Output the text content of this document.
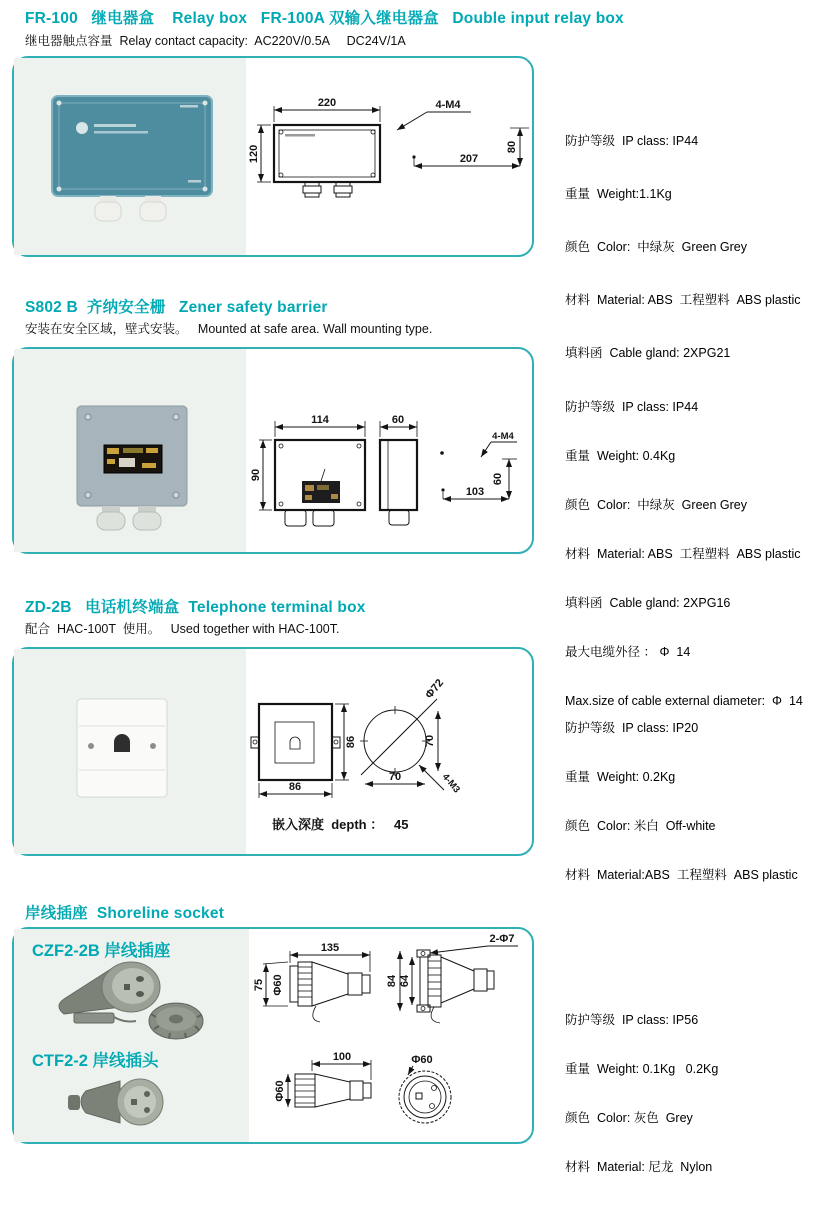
FR-100   继电器盒    Relay box   FR-100A 双输入继电器盒   Double input relay box
继电器触点容量  Relay contact capacity:  AC220V/0.5A     DC24V/1A
220
120
4-M4
80
207

防护等级  IP class: IP44

重量  Weight:1.1Kg

颜色  Color:  中绿灰  Green Grey

材料  Material: ABS  工程塑料  ABS plastic

填料函  Cable gland: 2XPG21

S802 B  齐纳安全栅   Zener safety barrier
安装在安全区域，壁式安装。   Mounted at safe area. Wall mounting type.
114
90
60
4-M4
60
103

防护等级  IP class: IP44

重量  Weight: 0.4Kg

颜色  Color:  中绿灰  Green Grey

材料  Material: ABS  工程塑料  ABS plastic

填料函  Cable gland: 2XPG16

最大电缆外径 ： Φ  14

Max.size of cable external diameter:  Φ  14

ZD-2B   电话机终端盒  Telephone terminal box
配合  HAC-100T  使用。   Used together with HAC-100T.
86
86
Φ72
4-M3
70
70
嵌入深度  depth ：   45

防护等级  IP class: IP20

重量  Weight: 0.2Kg

颜色  Color: 米白  Off-white

材料  Material:ABS  工程塑料  ABS plastic

岸线插座  Shoreline socket
CZF2-2B 岸线插座
CTF2-2 岸线插头
135
75 Φ60	84 64
2-Φ7
100
Φ60
Φ60

防护等级  IP class: IP56

重量  Weight: 0.1Kg   0.2Kg

颜色  Color: 灰色  Grey

材料  Material: 尼龙  Nylon
